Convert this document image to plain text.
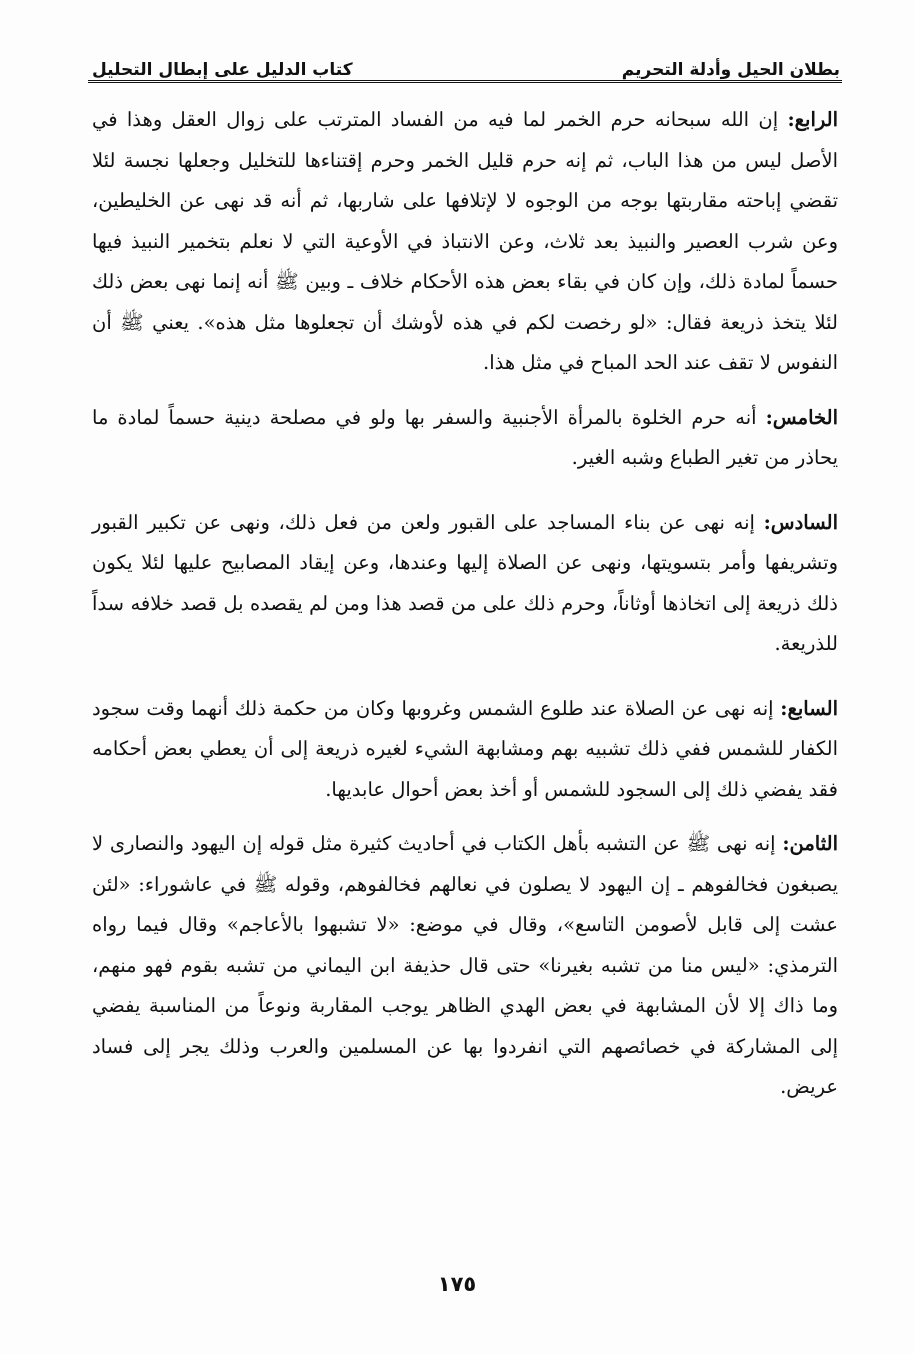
بطلان الحيل وأدلة التحريم
كتاب الدليل على إبطال التحليل

الرابع: إن الله سبحانه حرم الخمر لما فيه من الفساد المترتب على زوال العقل وهذا في الأصل ليس من هذا الباب، ثم إنه حرم قليل الخمر وحرم إقتناءها للتخليل وجعلها نجسة لئلا تقضي إباحته مقاربتها بوجه من الوجوه لا لإتلافها على شاربها، ثم أنه قد نهى عن الخليطين، وعن شرب العصير والنبيذ بعد ثلاث، وعن الانتباذ في الأوعية التي لا نعلم بتخمير النبيذ فيها حسماً لمادة ذلك، وإن كان في بقاء بعض هذه الأحكام خلاف ـ وبين ﷺ أنه إنما نهى بعض ذلك لئلا يتخذ ذريعة فقال: «لو رخصت لكم في هذه لأوشك أن تجعلوها مثل هذه». يعني ﷺ أن النفوس لا تقف عند الحد المباح في مثل هذا.

الخامس: أنه حرم الخلوة بالمرأة الأجنبية والسفر بها ولو في مصلحة دينية حسماً لمادة ما يحاذر من تغير الطباع وشبه الغير.

السادس: إنه نهى عن بناء المساجد على القبور ولعن من فعل ذلك، ونهى عن تكبير القبور وتشريفها وأمر بتسويتها، ونهى عن الصلاة إليها وعندها، وعن إيقاد المصابيح عليها لئلا يكون ذلك ذريعة إلى اتخاذها أوثاناً، وحرم ذلك على من قصد هذا ومن لم يقصده بل قصد خلافه سداً للذريعة.

السابع: إنه نهى عن الصلاة عند طلوع الشمس وغروبها وكان من حكمة ذلك أنهما وقت سجود الكفار للشمس ففي ذلك تشبيه بهم ومشابهة الشيء لغيره ذريعة إلى أن يعطي بعض أحكامه فقد يفضي ذلك إلى السجود للشمس أو أخذ بعض أحوال عابديها.

الثامن: إنه نهى ﷺ عن التشبه بأهل الكتاب في أحاديث كثيرة مثل قوله إن اليهود والنصارى لا يصبغون فخالفوهم ـ إن اليهود لا يصلون في نعالهم فخالفوهم، وقوله ﷺ في عاشوراء: «لئن عشت إلى قابل لأصومن التاسع»، وقال في موضع: «لا تشبهوا بالأعاجم» وقال فيما رواه الترمذي: «ليس منا من تشبه بغيرنا» حتى قال حذيفة ابن اليماني من تشبه بقوم فهو منهم، وما ذاك إلا لأن المشابهة في بعض الهدي الظاهر يوجب المقاربة ونوعاً من المناسبة يفضي إلى المشاركة في خصائصهم التي انفردوا بها عن المسلمين والعرب وذلك يجر إلى فساد عريض.

١٧٥
